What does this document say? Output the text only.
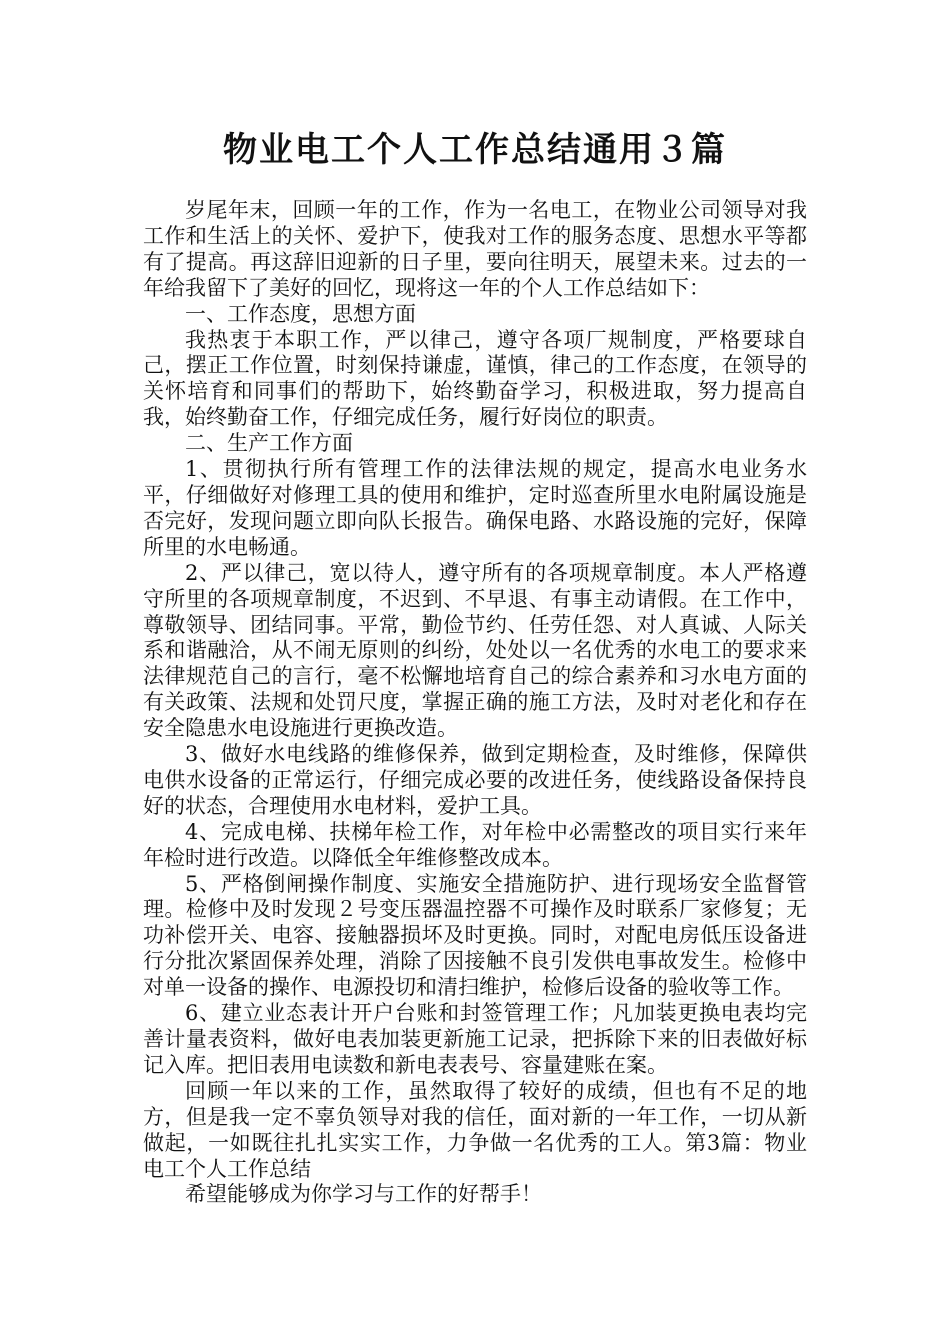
物业电工个人工作总结通用３篇

岁尾年末，回顾一年的工作，作为一名电工，在物业公司领导对我工作和生活上的关怀、爱护下，使我对工作的服务态度、思想水平等都有了提高。再这辞旧迎新的日子里，要向往明天，展望未来。过去的一年给我留下了美好的回忆，现将这一年的个人工作总结如下：

一、工作态度，思想方面

我热衷于本职工作，严以律己，遵守各项厂规制度，严格要球自己，摆正工作位置，时刻保持谦虚，谨慎，律己的工作态度，在领导的关怀培育和同事们的帮助下，始终勤奋学习，积极进取，努力提高自我，始终勤奋工作，仔细完成任务，履行好岗位的职责。

二、生产工作方面

1、贯彻执行所有管理工作的法律法规的规定，提高水电业务水平，仔细做好对修理工具的使用和维护，定时巡查所里水电附属设施是否完好，发现问题立即向队长报告。确保电路、水路设施的完好，保障所里的水电畅通。

2、严以律己，宽以待人，遵守所有的各项规章制度。本人严格遵守所里的各项规章制度，不迟到、不早退、有事主动请假。在工作中，尊敬领导、团结同事。平常，勤俭节约、任劳任怨、对人真诚、人际关系和谐融洽，从不闹无原则的纠纷，处处以一名优秀的水电工的要求来法律规范自己的言行，毫不松懈地培育自己的综合素养和习水电方面的有关政策、法规和处罚尺度，掌握正确的施工方法，及时对老化和存在安全隐患水电设施进行更换改造。

3、做好水电线路的维修保养，做到定期检查，及时维修，保障供电供水设备的正常运行，仔细完成必要的改进任务，使线路设备保持良好的状态，合理使用水电材料，爱护工具。

4、完成电梯、扶梯年检工作，对年检中必需整改的项目实行来年年检时进行改造。以降低全年维修整改成本。

5、严格倒闸操作制度、实施安全措施防护、进行现场安全监督管理。检修中及时发现２号变压器温控器不可操作及时联系厂家修复；无功补偿开关、电容、接触器损坏及时更换。同时，对配电房低压设备进行分批次紧固保养处理，消除了因接触不良引发供电事故发生。检修中对单一设备的操作、电源投切和清扫维护，检修后设备的验收等工作。

6、建立业态表计开户台账和封签管理工作；凡加装更换电表均完善计量表资料，做好电表加装更新施工记录，把拆除下来的旧表做好标记入库。把旧表用电读数和新电表表号、容量建账在案。

回顾一年以来的工作，虽然取得了较好的成绩，但也有不足的地方，但是我一定不辜负领导对我的信任，面对新的一年工作，一切从新做起，一如既往扎扎实实工作，力争做一名优秀的工人。第3篇：物业电工个人工作总结

希望能够成为你学习与工作的好帮手！
